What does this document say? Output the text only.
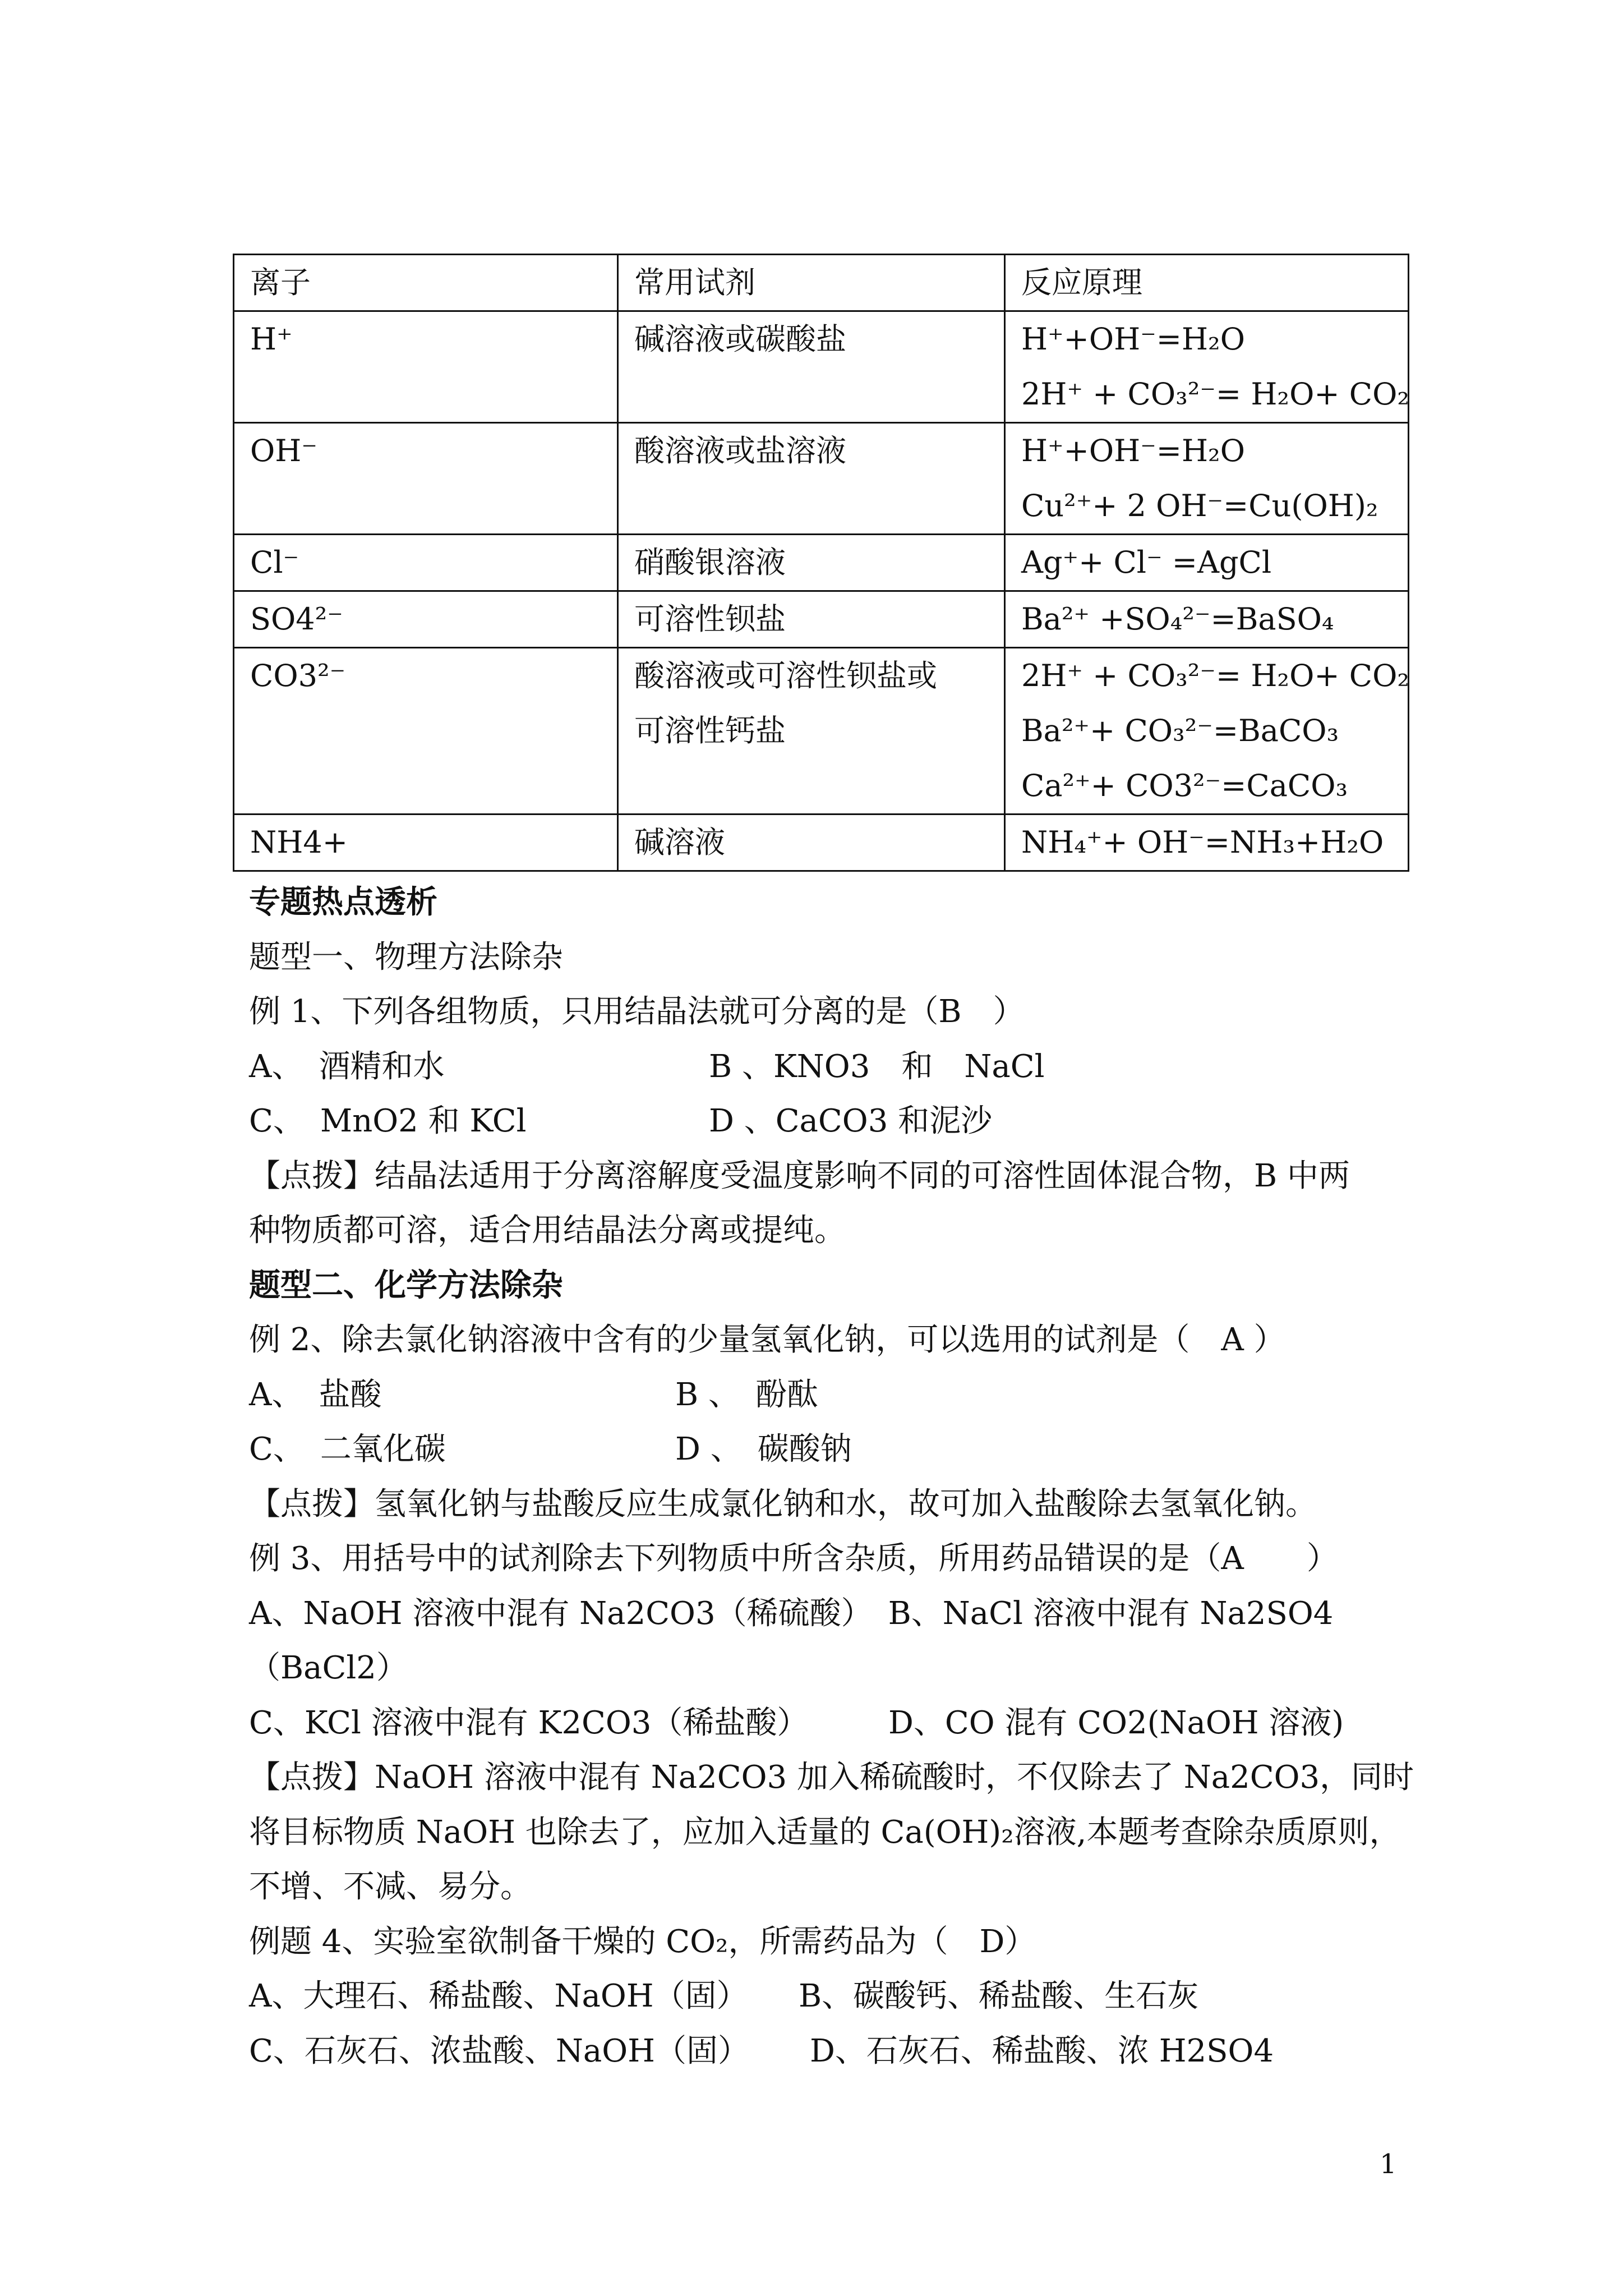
离子	常用试剂	反应原理
H⁺	碱溶液或碳酸盐	H⁺+OH⁻=H₂O
2H⁺ + CO₃²⁻= H₂O+ CO₂

OH⁻	酸溶液或盐溶液	H⁺+OH⁻=H₂O
Cu²⁺+ 2 OH⁻=Cu(OH)₂

Cl⁻	硝酸银溶液	Ag⁺+ Cl⁻ =AgCl

SO4²⁻	可溶性钡盐	Ba²⁺ +SO₄²⁻=BaSO₄

CO3²⁻	酸溶液或可溶性钡盐或
可溶性钙盐	2H⁺ + CO₃²⁻= H₂O+ CO₂
Ba²⁺+ CO₃²⁻=BaCO₃
Ca²⁺+ CO3²⁻=CaCO₃

NH4+	碱溶液	NH₄⁺+ OH⁻=NH₃+H₂O
专题热点透析
题型一、物理方法除杂
例 1、下列各组物质，只用结晶法就可分离的是（B　）
A、　酒精和水	B 、KNO3　和　NaCl
C、　MnO2 和 KCl	D 、CaCO3 和泥沙
【点拨】结晶法适用于分离溶解度受温度影响不同的可溶性固体混合物，B 中两
种物质都可溶，适合用结晶法分离或提纯。
题型二、化学方法除杂
例 2、除去氯化钠溶液中含有的少量氢氧化钠，可以选用的试剂是（　A ）
A、　盐酸	B 、　酚酞
C、　二氧化碳	D 、　碳酸钠
【点拨】氢氧化钠与盐酸反应生成氯化钠和水，故可加入盐酸除去氢氧化钠。
例 3、用括号中的试剂除去下列物质中所含杂质，所用药品错误的是（A　　）
A、NaOH 溶液中混有 Na2CO3（稀硫酸）　B、NaCl 溶液中混有 Na2SO4
（BaCl2）
C、KCl 溶液中混有 K2CO3（稀盐酸）	D、CO 混有 CO2(NaOH 溶液)
【点拨】NaOH 溶液中混有 Na2CO3 加入稀硫酸时，不仅除去了 Na2CO3，同时
将目标物质 NaOH 也除去了，应加入适量的 Ca(OH)₂溶液,本题考查除杂质原则，
不增、不减、易分。
例题 4、实验室欲制备干燥的 CO₂，所需药品为（　D）
A、大理石、稀盐酸、NaOH（固） B、碳酸钙、稀盐酸、生石灰
C、石灰石、浓盐酸、NaOH（固） D、石灰石、稀盐酸、浓 H2SO4
1
